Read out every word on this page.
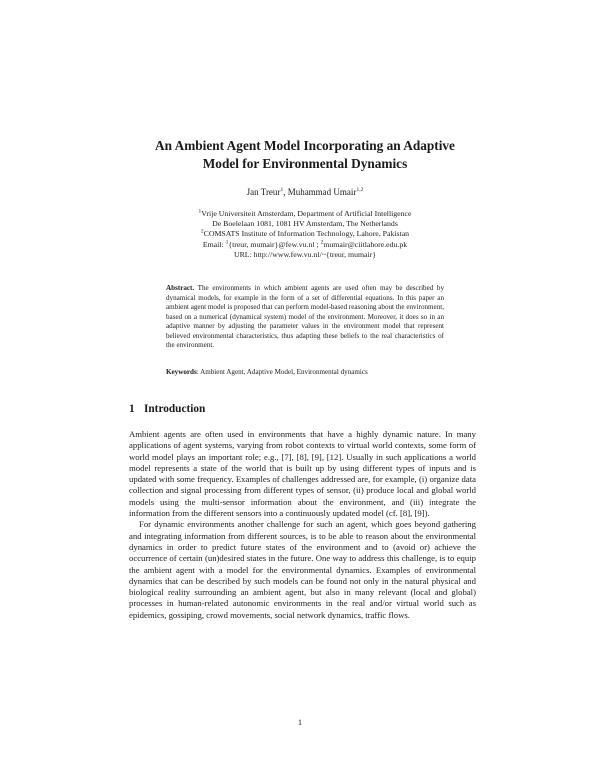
An Ambient Agent Model Incorporating an Adaptive
Model for Environmental Dynamics
Jan Treur$^1$, Muhammad Umair$^{1,2}$
$^1$Vrije Universiteit Amsterdam, Department of Artificial Intelligence
De Boelelaan 1081, 1081 HV Amsterdam, The Netherlands
$^2$COMSATS Institute of Information Technology, Lahore, Pakistan
Email: $^1${treur, mumair}@few.vu.nl ; $^2$mumair@ciitlahore.edu.pk
URL: http://www.few.vu.nl/~{treur, mumair}
Abstract. The environments in which ambient agents are used often may be described by dynamical models, for example in the form of a set of differential equations. In this paper an ambient agent model is proposed that can perform model-based reasoning about the environment, based on a numerical (dynamical system) model of the environment. Moreover, it does so in an adaptive manner by adjusting the parameter values in the environment model that represent believed environmental characteristics, thus adapting these beliefs to the real characteristics of the environment.
Keywords: Ambient Agent, Adaptive Model, Environmental dynamics
1 Introduction

Ambient agents are often used in environments that have a highly dynamic nature. In many applications of agent systems, varying from robot contexts to virtual world contexts, some form of world model plays an important role; e.g., [7], [8], [9], [12]. Usually in such applications a world model represents a state of the world that is built up by using different types of inputs and is updated with some frequency. Examples of challenges addressed are, for example, (i) organize data collection and signal processing from different types of sensor, (ii) produce local and global world models using the multi-sensor information about the environment, and (iii) integrate the information from the different sensors into a continuously updated model (cf. [8], [9]).

For dynamic environments another challenge for such an agent, which goes beyond gathering and integrating information from different sources, is to be able to reason about the environmental dynamics in order to predict future states of the environment and to (avoid or) achieve the occurrence of certain (un)desired states in the future. One way to address this challenge, is to equip the ambient agent with a model for the environmental dynamics. Examples of environmental dynamics that can be described by such models can be found not only in the natural physical and biological reality surrounding an ambient agent, but also in many relevant (local and global) processes in human-related autonomic environments in the real and/or virtual world such as epidemics, gossiping, crowd movements, social network dynamics, traffic flows.

1
